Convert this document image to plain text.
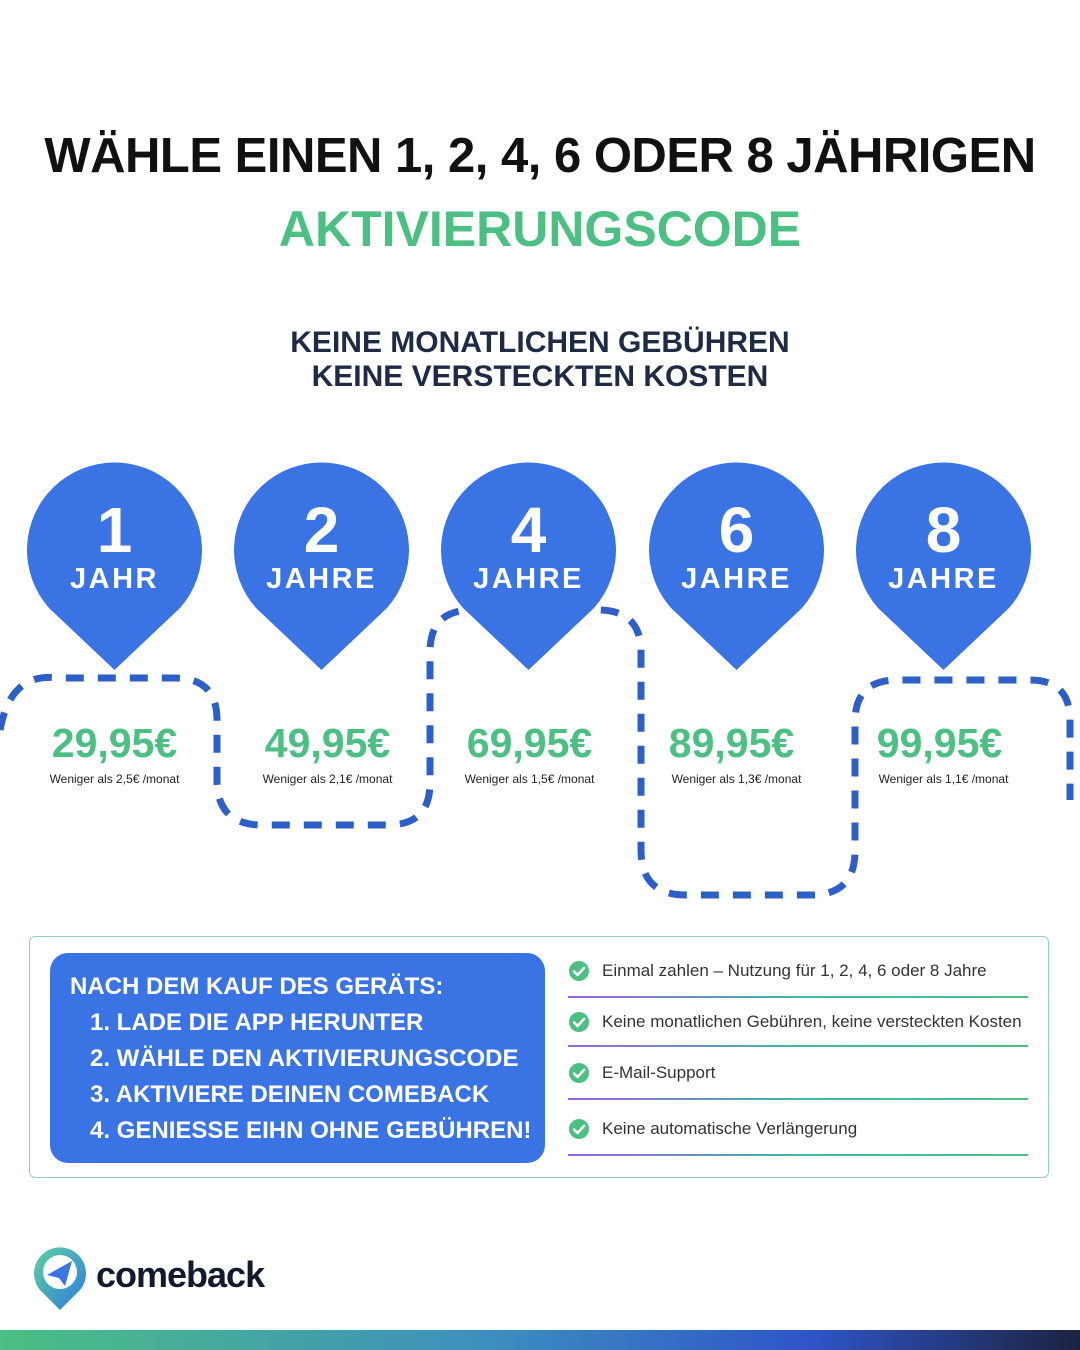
WÄHLE EINEN 1, 2, 4, 6 ODER 8 JÄHRIGEN
AKTIVIERUNGSCODE
KEINE MONATLICHEN GEBÜHREN
KEINE VERSTECKTEN KOSTEN
1
JAHR
2
JAHRE
4
JAHRE
6
JAHRE
8
JAHRE
29,95€
Weniger als 2,5€ /monat
49,95€
Weniger als 2,1€ /monat
69,95€
Weniger als 1,5€ /monat
89,95€
Weniger als 1,3€ /monat
99,95€
Weniger als 1,1€ /monat
NACH DEM KAUF DES GERÄTS:
1. LADE DIE APP HERUNTER
2. WÄHLE DEN AKTIVIERUNGSCODE
3. AKTIVIERE DEINEN COMEBACK
4. GENIESSE EIHN OHNE GEBÜHREN!
Einmal zahlen – Nutzung für 1, 2, 4, 6 oder 8 Jahre
Keine monatlichen Gebühren, keine versteckten Kosten
E-Mail-Support
Keine automatische Verlängerung
comeback
